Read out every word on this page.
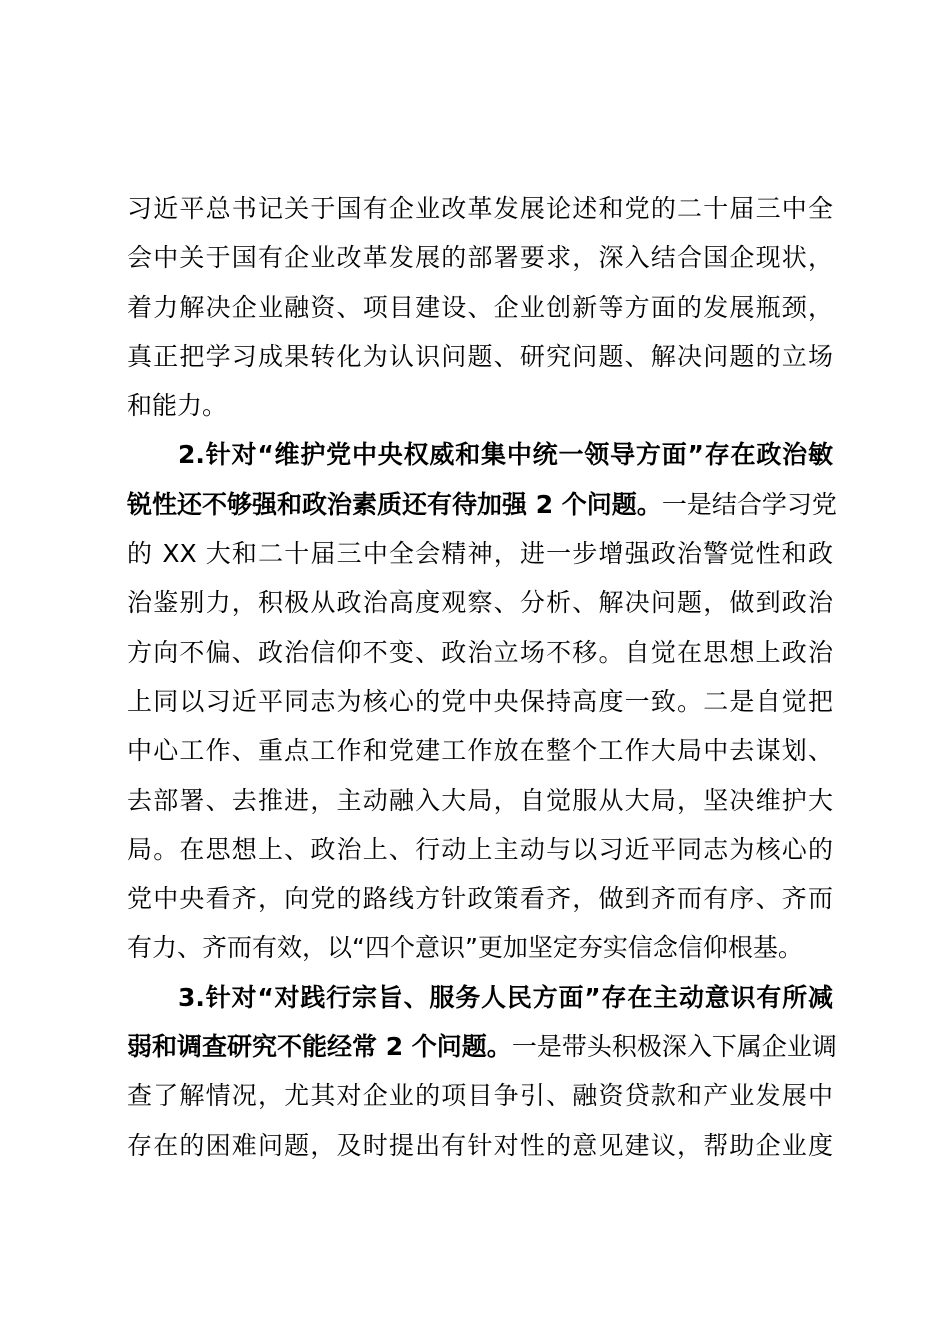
习近平总书记关于国有企业改革发展论述和党的二十届三中全
会中关于国有企业改革发展的部署要求，深入结合国企现状，
着力解决企业融资、项目建设、企业创新等方面的发展瓶颈，
真正把学习成果转化为认识问题、研究问题、解决问题的立场
和能力。
2.针对“维护党中央权威和集中统一领导方面”存在政治敏
锐性还不够强和政治素质还有待加强 2 个问题。一是结合学习党
的 XX 大和二十届三中全会精神，进一步增强政治警觉性和政
治鉴别力，积极从政治高度观察、分析、解决问题，做到政治
方向不偏、政治信仰不变、政治立场不移。自觉在思想上政治
上同以习近平同志为核心的党中央保持高度一致。二是自觉把
中心工作、重点工作和党建工作放在整个工作大局中去谋划、
去部署、去推进，主动融入大局，自觉服从大局，坚决维护大
局。在思想上、政治上、行动上主动与以习近平同志为核心的
党中央看齐，向党的路线方针政策看齐，做到齐而有序、齐而
有力、齐而有效，以“四个意识”更加坚定夯实信念信仰根基。
3.针对“对践行宗旨、服务人民方面”存在主动意识有所减
弱和调查研究不能经常 2 个问题。一是带头积极深入下属企业调
查了解情况，尤其对企业的项目争引、融资贷款和产业发展中
存在的困难问题，及时提出有针对性的意见建议，帮助企业度
